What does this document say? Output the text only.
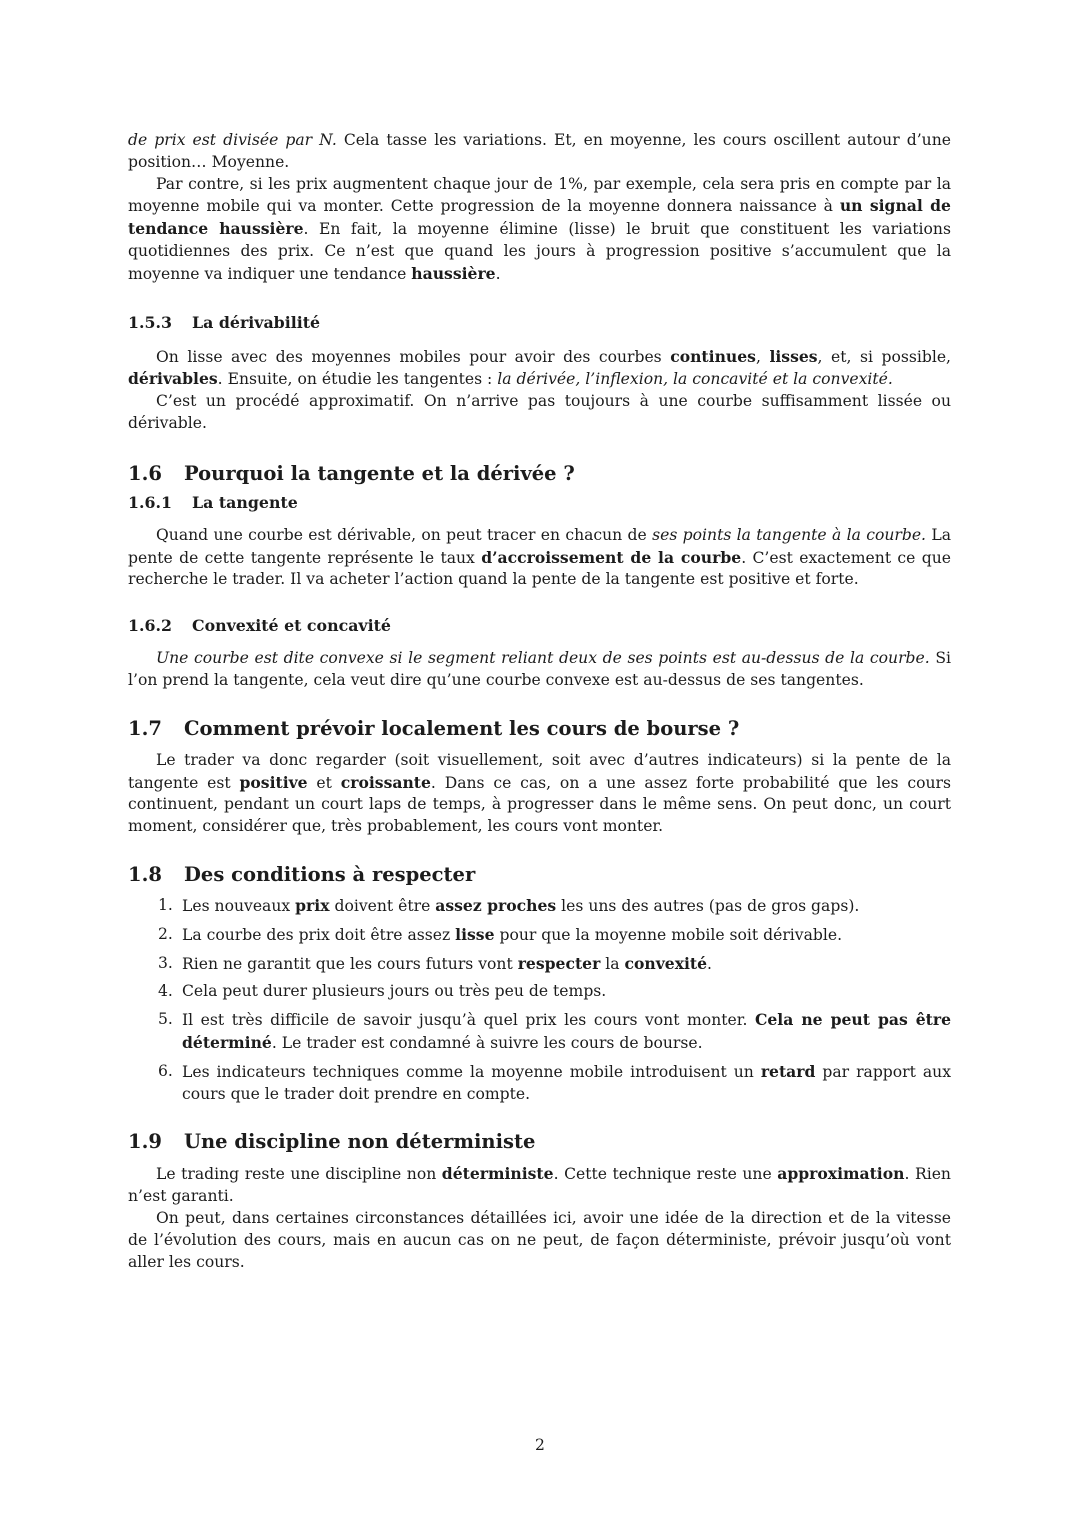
de prix est divisée par N. Cela tasse les variations. Et, en moyenne, les cours oscillent autour d’une position… Moyenne.

Par contre, si les prix augmentent chaque jour de 1%, par exemple, cela sera pris en compte par la moyenne mobile qui va monter. Cette progression de la moyenne donnera naissance à un signal de tendance haussière. En fait, la moyenne élimine (lisse) le bruit que constituent les variations quotidiennes des prix. Ce n’est que quand les jours à progression positive s’accumulent que la moyenne va indiquer une tendance haussière.

1.5.3 La dérivabilité

On lisse avec des moyennes mobiles pour avoir des courbes continues, lisses, et, si possible, dérivables. Ensuite, on étudie les tangentes : la dérivée, l’inflexion, la concavité et la convexité.

C’est un procédé approximatif. On n’arrive pas toujours à une courbe suffisamment lissée ou dérivable.

1.6 Pourquoi la tangente et la dérivée ?
1.6.1 La tangente

Quand une courbe est dérivable, on peut tracer en chacun de ses points la tangente à la courbe. La pente de cette tangente représente le taux d’accroissement de la courbe. C’est exactement ce que recherche le trader. Il va acheter l’action quand la pente de la tangente est positive et forte.

1.6.2 Convexité et concavité

Une courbe est dite convexe si le segment reliant deux de ses points est au-dessus de la courbe. Si l’on prend la tangente, cela veut dire qu’une courbe convexe est au-dessus de ses tangentes.

1.7 Comment prévoir localement les cours de bourse ?

Le trader va donc regarder (soit visuellement, soit avec d’autres indicateurs) si la pente de la tangente est positive et croissante. Dans ce cas, on a une assez forte probabilité que les cours continuent, pendant un court laps de temps, à progresser dans le même sens. On peut donc, un court moment, considérer que, très probablement, les cours vont monter.

1.8 Des conditions à respecter
1. Les nouveaux prix doivent être assez proches les uns des autres (pas de gros gaps).
2. La courbe des prix doit être assez lisse pour que la moyenne mobile soit dérivable.
3. Rien ne garantit que les cours futurs vont respecter la convexité.
4. Cela peut durer plusieurs jours ou très peu de temps.
5. Il est très difficile de savoir jusqu’à quel prix les cours vont monter. Cela ne peut pas être déterminé. Le trader est condamné à suivre les cours de bourse.
6. Les indicateurs techniques comme la moyenne mobile introduisent un retard par rapport aux cours que le trader doit prendre en compte.
1.9 Une discipline non déterministe

Le trading reste une discipline non déterministe. Cette technique reste une approximation. Rien n’est garanti.

On peut, dans certaines circonstances détaillées ici, avoir une idée de la direction et de la vitesse de l’évolution des cours, mais en aucun cas on ne peut, de façon déterministe, prévoir jusqu’où vont aller les cours.

2
